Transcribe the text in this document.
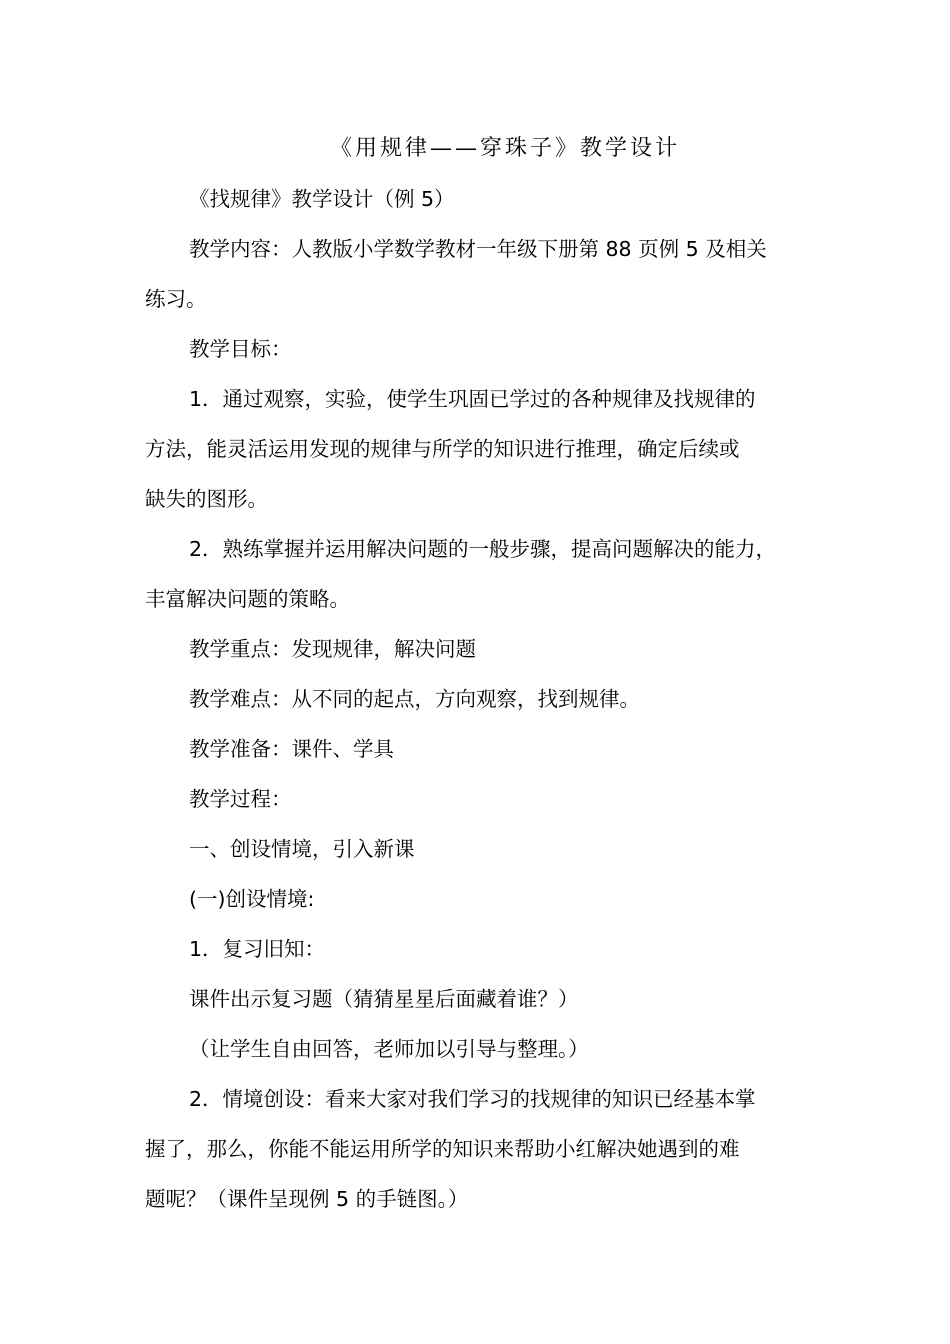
《用规律——穿珠子》教学设计
《找规律》教学设计（例 5）
教学内容：人教版小学数学教材一年级下册第 88 页例 5 及相关
练习。
教学目标：
1．通过观察，实验，使学生巩固已学过的各种规律及找规律的
方法，能灵活运用发现的规律与所学的知识进行推理，确定后续或
缺失的图形。
2．熟练掌握并运用解决问题的一般步骤，提高问题解决的能力，
丰富解决问题的策略。
教学重点：发现规律，解决问题
教学难点：从不同的起点，方向观察，找到规律。
教学准备：课件、学具
教学过程：
一、创设情境，引入新课
(一)创设情境:
1．复习旧知：
课件出示复习题（猜猜星星后面藏着谁？）
（让学生自由回答，老师加以引导与整理。）
2．情境创设：看来大家对我们学习的找规律的知识已经基本掌
握了，那么，你能不能运用所学的知识来帮助小红解决她遇到的难
题呢？（课件呈现例 5 的手链图。）
